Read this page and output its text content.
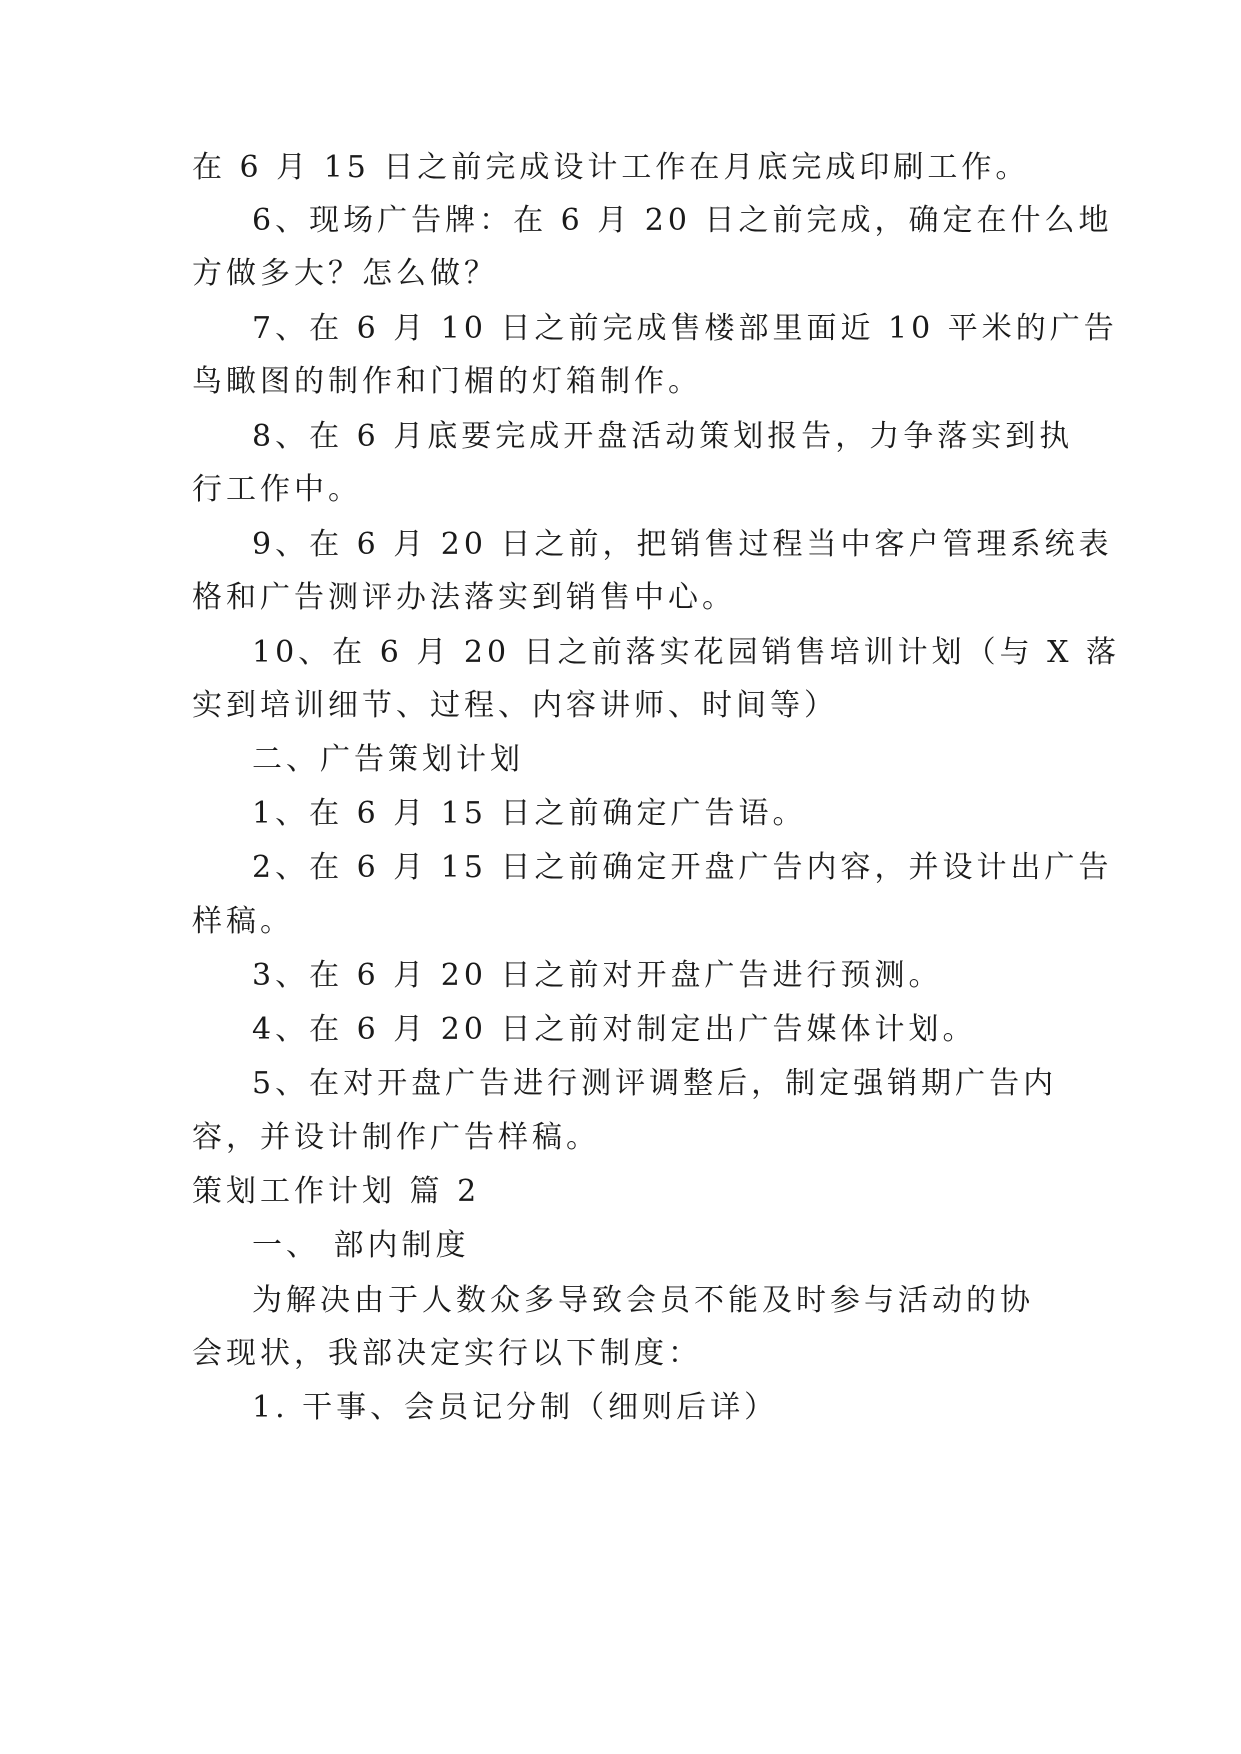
在 6 月 15 日之前完成设计工作在月底完成印刷工作。
6、现场广告牌：在 6 月 20 日之前完成，确定在什么地
方做多大？怎么做？
7、在 6 月 10 日之前完成售楼部里面近 10 平米的广告
鸟瞰图的制作和门楣的灯箱制作。
8、在 6 月底要完成开盘活动策划报告，力争落实到执
行工作中。
9、在 6 月 20 日之前，把销售过程当中客户管理系统表
格和广告测评办法落实到销售中心。
10、在 6 月 20 日之前落实花园销售培训计划（与 X 落
实到培训细节、过程、内容讲师、时间等）
二、广告策划计划
1、在 6 月 15 日之前确定广告语。
2、在 6 月 15 日之前确定开盘广告内容，并设计出广告
样稿。
3、在 6 月 20 日之前对开盘广告进行预测。
4、在 6 月 20 日之前对制定出广告媒体计划。
5、在对开盘广告进行测评调整后，制定强销期广告内
容，并设计制作广告样稿。
策划工作计划 篇 2
一、 部内制度
为解决由于人数众多导致会员不能及时参与活动的协
会现状，我部决定实行以下制度：
1. 干事、会员记分制（细则后详）
